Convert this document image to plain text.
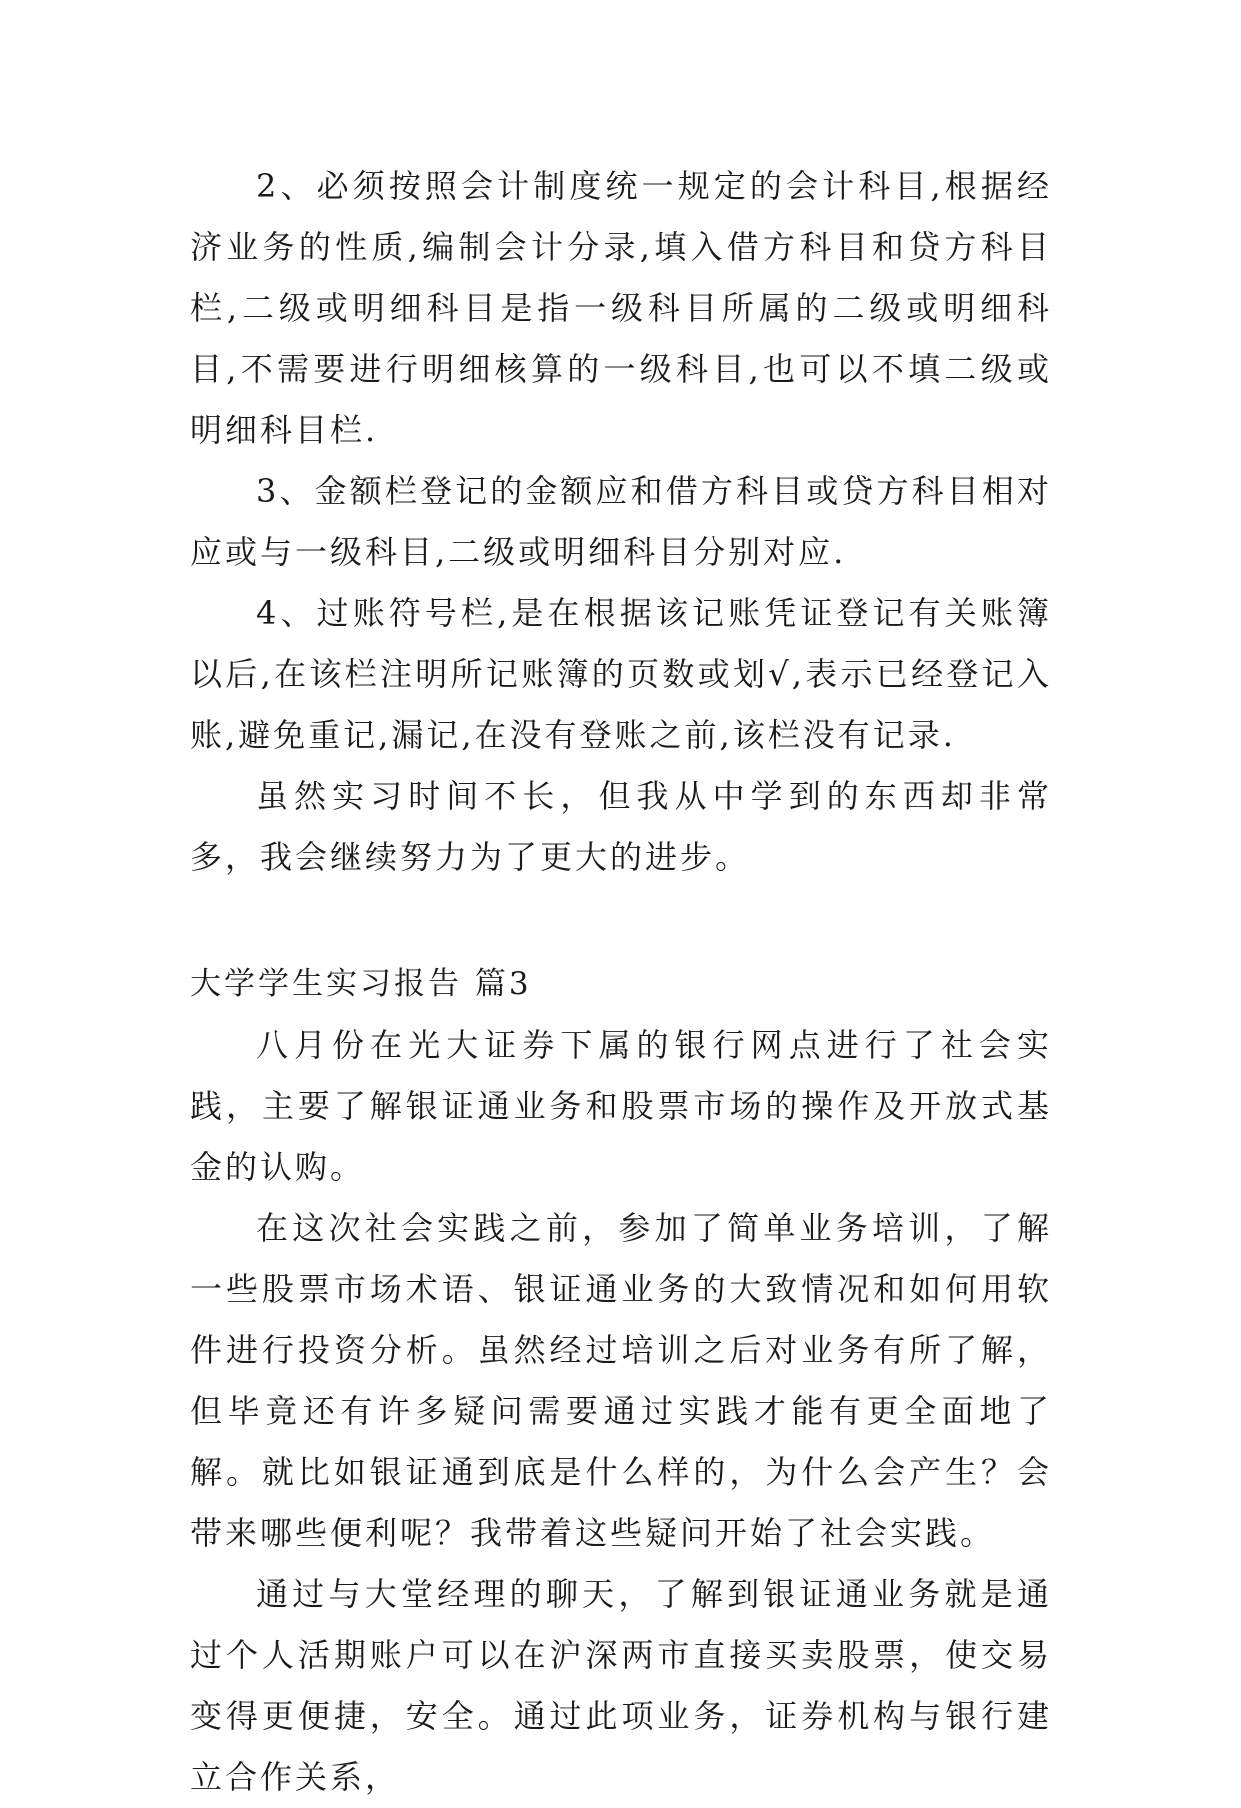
2、必须按照会计制度统一规定的会计科目,根据经济业务的性质,编制会计分录,填入借方科目和贷方科目栏,二级或明细科目是指一级科目所属的二级或明细科目,不需要进行明细核算的一级科目,也可以不填二级或明细科目栏.

3、金额栏登记的金额应和借方科目或贷方科目相对应或与一级科目,二级或明细科目分别对应.

4、过账符号栏,是在根据该记账凭证登记有关账簿以后,在该栏注明所记账簿的页数或划√,表示已经登记入账,避免重记,漏记,在没有登账之前,该栏没有记录.

虽然实习时间不长，但我从中学到的东西却非常多，我会继续努力为了更大的进步。

大学学生实习报告 篇3

八月份在光大证券下属的银行网点进行了社会实践，主要了解银证通业务和股票市场的操作及开放式基金的认购。

在这次社会实践之前，参加了简单业务培训，了解一些股票市场术语、银证通业务的大致情况和如何用软件进行投资分析。虽然经过培训之后对业务有所了解，但毕竟还有许多疑问需要通过实践才能有更全面地了解。就比如银证通到底是什么样的，为什么会产生？会带来哪些便利呢？我带着这些疑问开始了社会实践。

通过与大堂经理的聊天，了解到银证通业务就是通过个人活期账户可以在沪深两市直接买卖股票，使交易变得更便捷，安全。通过此项业务，证券机构与银行建立合作关系，
